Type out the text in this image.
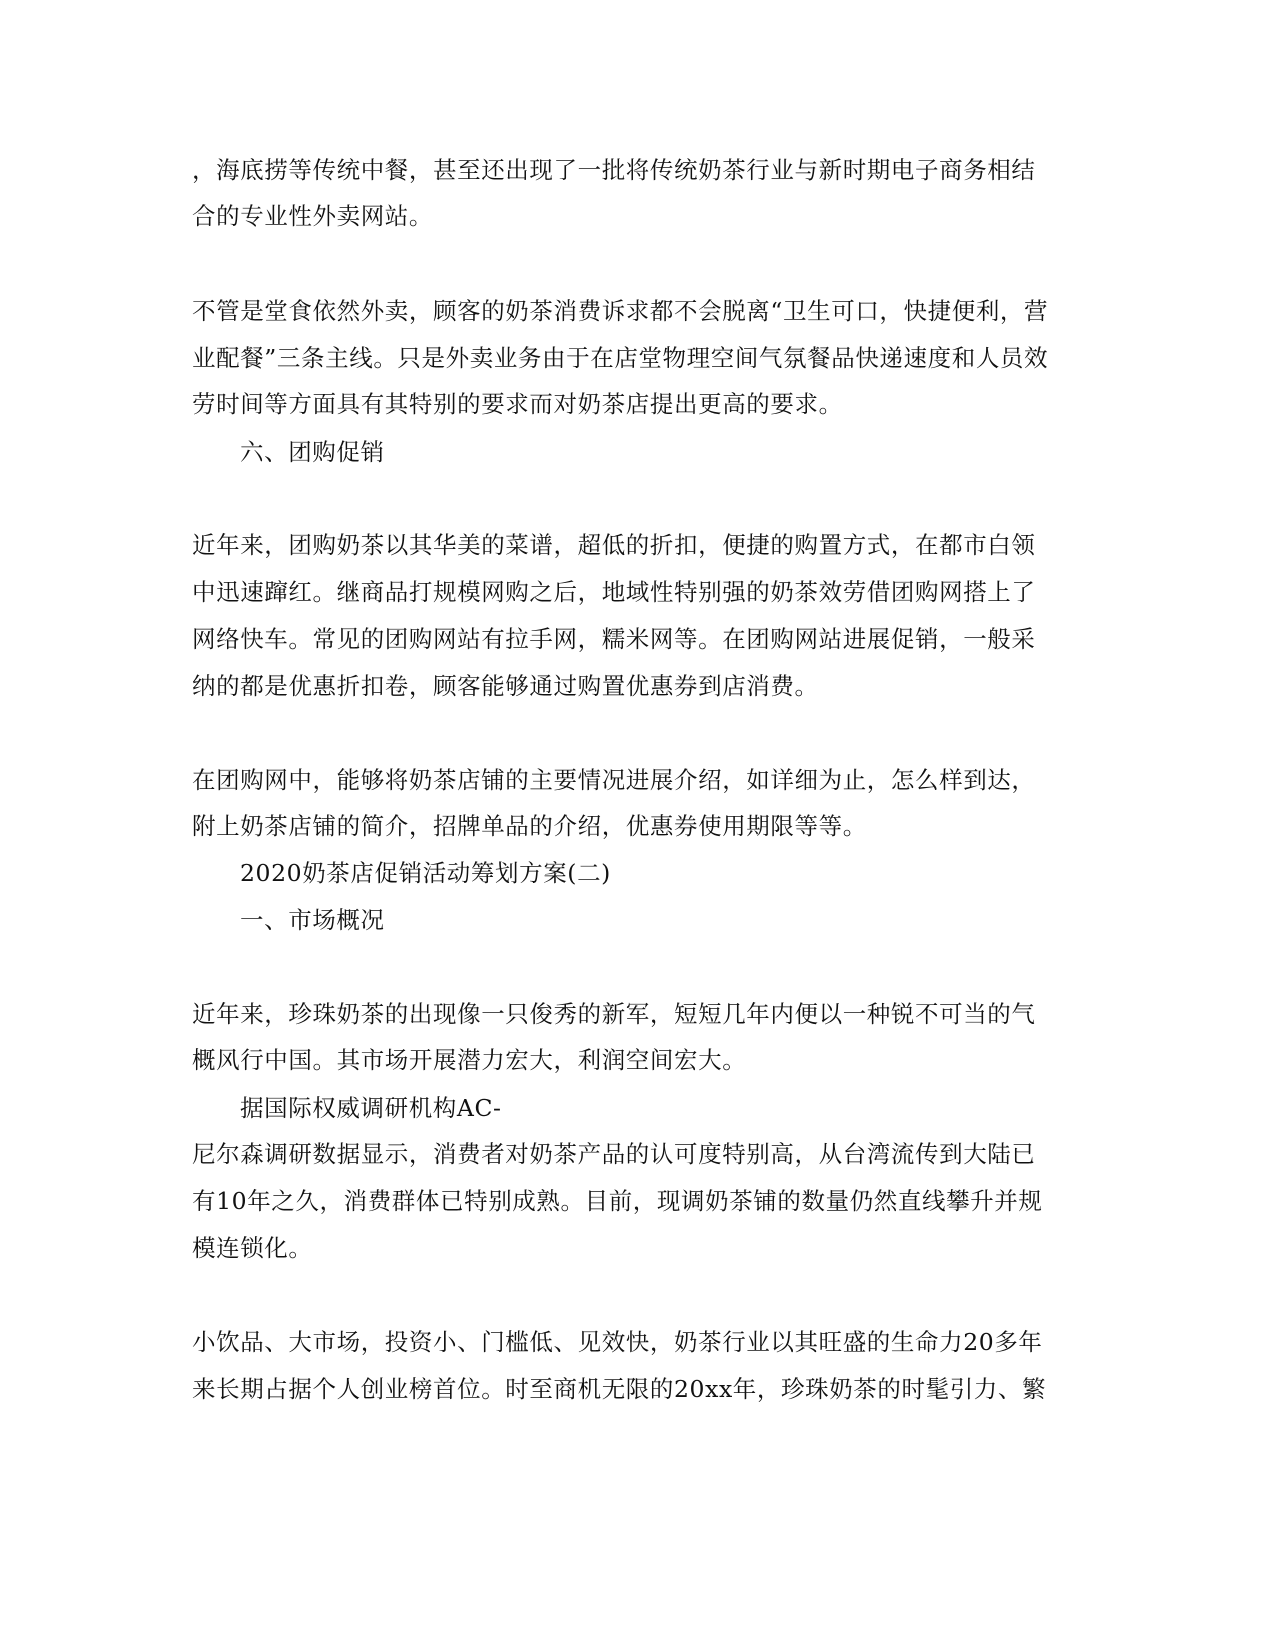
，海底捞等传统中餐，甚至还出现了一批将传统奶茶行业与新时期电子商务相结
合的专业性外卖网站。
不管是堂食依然外卖，顾客的奶茶消费诉求都不会脱离“卫生可口，快捷便利，营
业配餐”三条主线。只是外卖业务由于在店堂物理空间气氛餐品快递速度和人员效
劳时间等方面具有其特别的要求而对奶茶店提出更高的要求。
六、团购促销
近年来，团购奶茶以其华美的菜谱，超低的折扣，便捷的购置方式，在都市白领
中迅速蹿红。继商品打规模网购之后，地域性特别强的奶茶效劳借团购网搭上了
网络快车。常见的团购网站有拉手网，糯米网等。在团购网站进展促销，一般采
纳的都是优惠折扣卷，顾客能够通过购置优惠券到店消费。
在团购网中，能够将奶茶店铺的主要情况进展介绍，如详细为止，怎么样到达，
附上奶茶店铺的简介，招牌单品的介绍，优惠券使用期限等等。
2020奶茶店促销活动筹划方案(二)
一、市场概况
近年来，珍珠奶茶的出现像一只俊秀的新军，短短几年内便以一种锐不可当的气
概风行中国。其市场开展潜力宏大，利润空间宏大。
据国际权威调研机构AC-
尼尔森调研数据显示，消费者对奶茶产品的认可度特别高，从台湾流传到大陆已
有10年之久，消费群体已特别成熟。目前，现调奶茶铺的数量仍然直线攀升并规
模连锁化。
小饮品、大市场，投资小、门槛低、见效快，奶茶行业以其旺盛的生命力20多年
来长期占据个人创业榜首位。时至商机无限的20xx年，珍珠奶茶的时髦引力、繁
